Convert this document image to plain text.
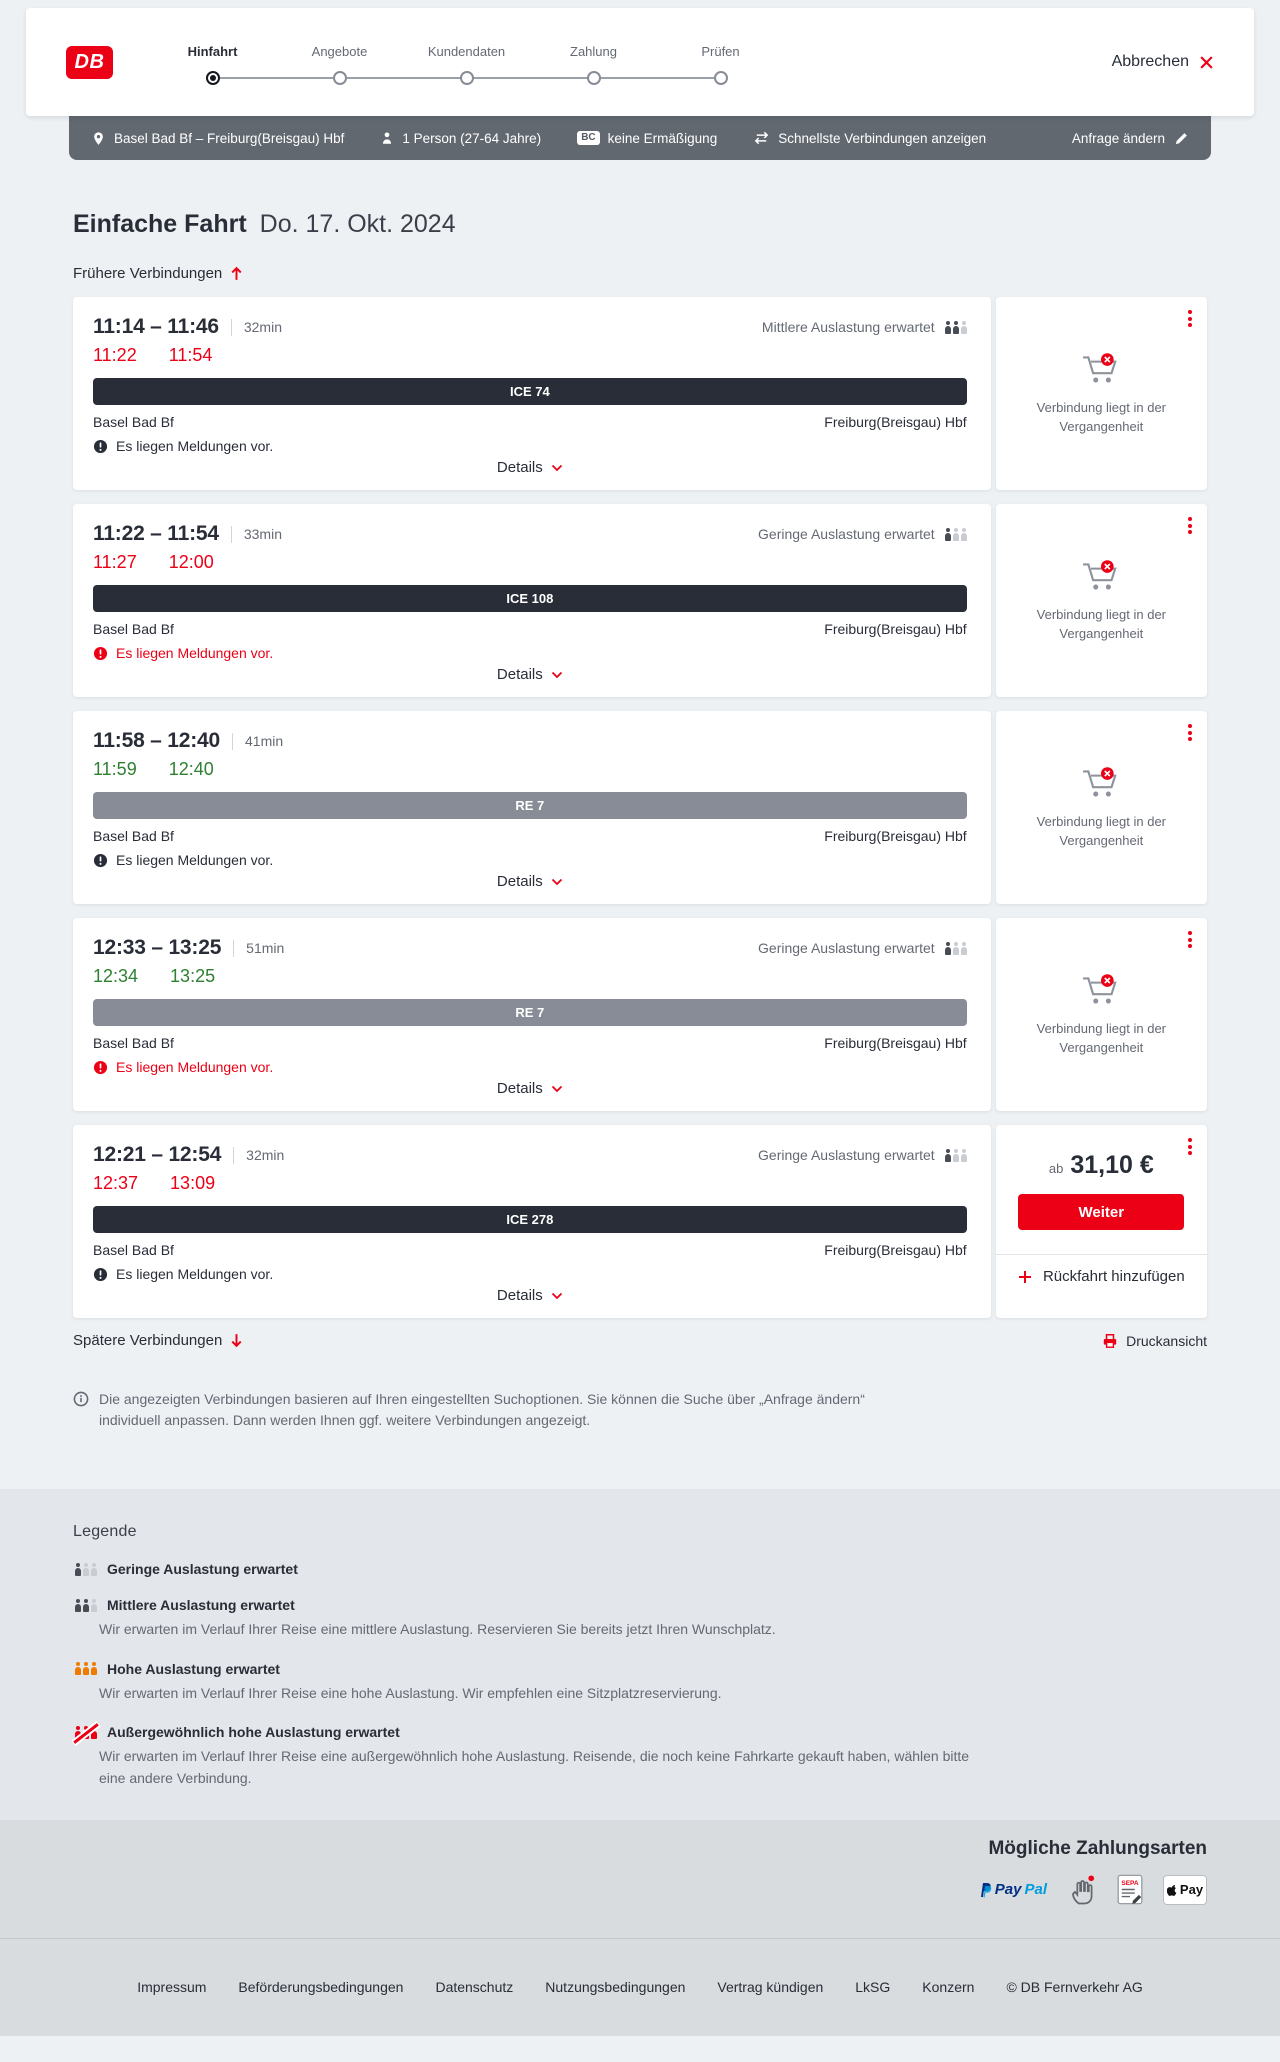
DB	Hinfahrt	Angebote	Kundendaten	Zahlung	Prüfen
Abbrechen
Basel Bad Bf – Freiburg(Breisgau) Hbf	1 Person (27-64 Jahre)	BC keine Ermäßigung	Schnellste Verbindungen anzeigen	Anfrage ändern
Einfache Fahrt Do. 17. Okt. 2024
Frühere Verbindungen
11:14 – 11:46 32min	Mittlere Auslastung erwartet
11:22 11:54
ICE 74
Basel Bad Bf	Freiburg(Breisgau) Hbf
Es liegen Meldungen vor.
Details

Verbindung liegt in der Vergangenheit

11:22 – 11:54 33min	Geringe Auslastung erwartet
11:27 12:00
ICE 108
Basel Bad Bf	Freiburg(Breisgau) Hbf
Es liegen Meldungen vor.
Details

Verbindung liegt in der Vergangenheit

11:58 – 12:40 41min
11:59 12:40
RE 7
Basel Bad Bf	Freiburg(Breisgau) Hbf
Es liegen Meldungen vor.
Details

Verbindung liegt in der Vergangenheit

12:33 – 13:25 51min	Geringe Auslastung erwartet
12:34 13:25
RE 7
Basel Bad Bf	Freiburg(Breisgau) Hbf
Es liegen Meldungen vor.
Details

Verbindung liegt in der Vergangenheit

12:21 – 12:54 32min	Geringe Auslastung erwartet
12:37 13:09
ICE 278
Basel Bad Bf	Freiburg(Breisgau) Hbf
Es liegen Meldungen vor.
Details
ab 31,10 €
Weiter
Rückfahrt hinzufügen
Spätere Verbindungen	Druckansicht

Die angezeigten Verbindungen basieren auf Ihren eingestellten Suchoptionen. Sie können die Suche über „Anfrage ändern“ individuell anpassen. Dann werden Ihnen ggf. weitere Verbindungen angezeigt.

Legende
Geringe Auslastung erwartet
Mittlere Auslastung erwartet

Wir erwarten im Verlauf Ihrer Reise eine mittlere Auslastung. Reservieren Sie bereits jetzt Ihren Wunschplatz.

Hohe Auslastung erwartet

Wir erwarten im Verlauf Ihrer Reise eine hohe Auslastung. Wir empfehlen eine Sitzplatzreservierung.

Außergewöhnlich hohe Auslastung erwartet

Wir erwarten im Verlauf Ihrer Reise eine außergewöhnlich hohe Auslastung. Reisende, die noch keine Fahrkarte gekauft haben, wählen bitte eine andere Verbindung.

Mögliche Zahlungsarten
Pay Pal	SEPA	Pay
Impressum Beförderungsbedingungen Datenschutz Nutzungsbedingungen Vertrag kündigen LkSG Konzern © DB Fernverkehr AG
